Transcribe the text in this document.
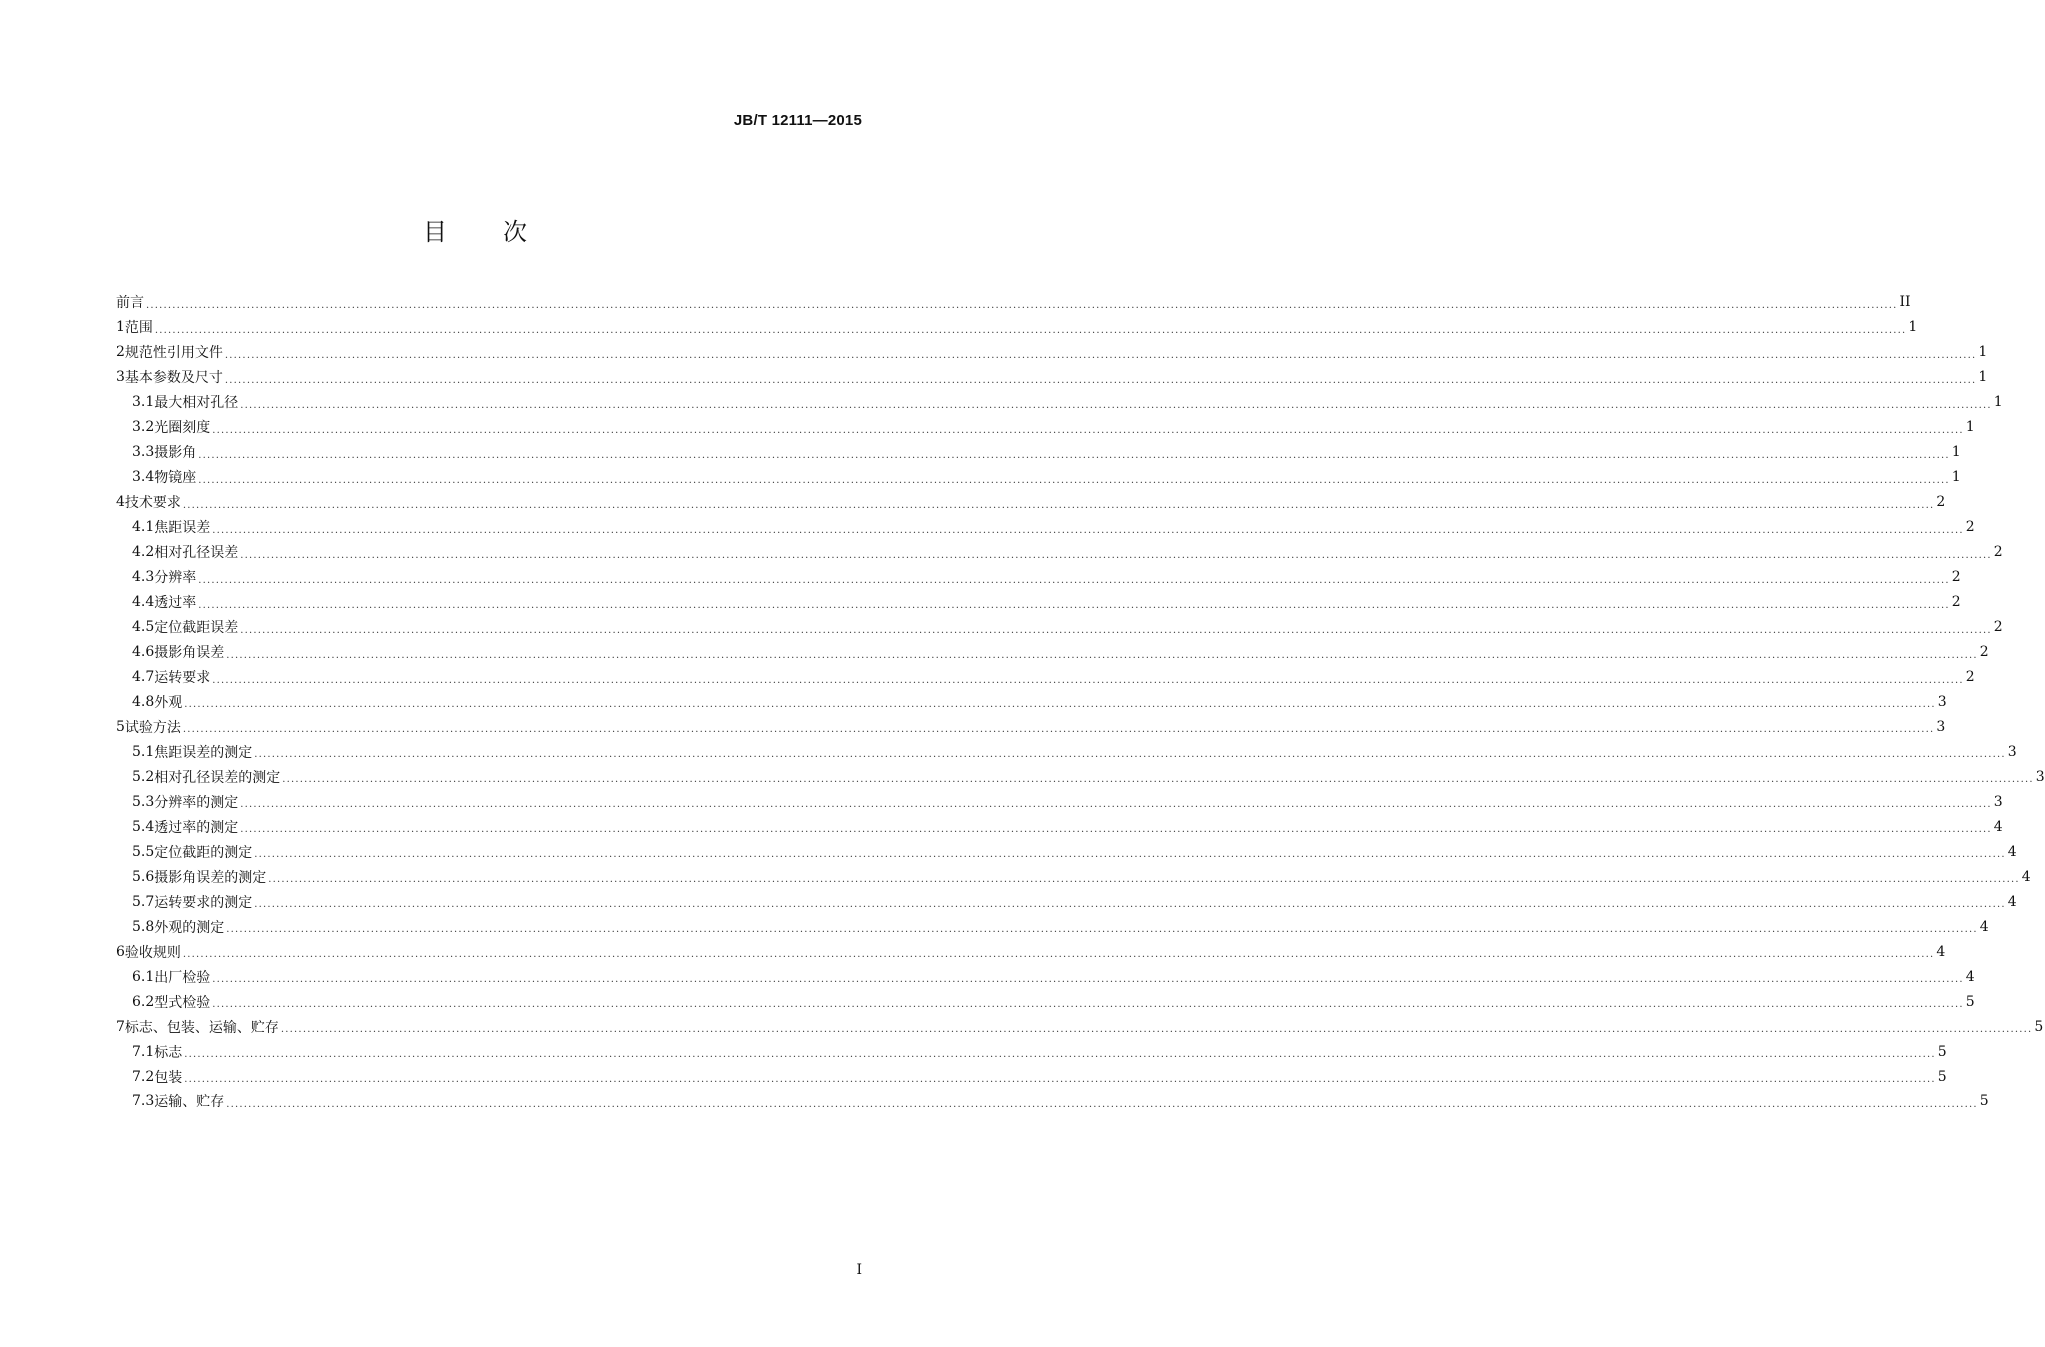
JB/T 12111—2015
目 次
前言 ................................................................................................................................................................................................................................................................................................................................................................................................................ II
1 范围 ................................................................................................................................................................................................................................................................................................................................................................................................................ 1
2 规范性引用文件 ................................................................................................................................................................................................................................................................................................................................................................................................................ 1
3 基本参数及尺寸 ................................................................................................................................................................................................................................................................................................................................................................................................................ 1
3.1 最大相对孔径 ................................................................................................................................................................................................................................................................................................................................................................................................................ 1
3.2 光圈刻度 ................................................................................................................................................................................................................................................................................................................................................................................................................ 1
3.3 摄影角 ................................................................................................................................................................................................................................................................................................................................................................................................................ 1
3.4 物镜座 ................................................................................................................................................................................................................................................................................................................................................................................................................ 1
4 技术要求 ................................................................................................................................................................................................................................................................................................................................................................................................................ 2
4.1 焦距误差 ................................................................................................................................................................................................................................................................................................................................................................................................................ 2
4.2 相对孔径误差 ................................................................................................................................................................................................................................................................................................................................................................................................................ 2
4.3 分辨率 ................................................................................................................................................................................................................................................................................................................................................................................................................ 2
4.4 透过率 ................................................................................................................................................................................................................................................................................................................................................................................................................ 2
4.5 定位截距误差 ................................................................................................................................................................................................................................................................................................................................................................................................................ 2
4.6 摄影角误差 ................................................................................................................................................................................................................................................................................................................................................................................................................ 2
4.7 运转要求 ................................................................................................................................................................................................................................................................................................................................................................................................................ 2
4.8 外观 ................................................................................................................................................................................................................................................................................................................................................................................................................ 3
5 试验方法 ................................................................................................................................................................................................................................................................................................................................................................................................................ 3
5.1 焦距误差的测定 ................................................................................................................................................................................................................................................................................................................................................................................................................ 3
5.2 相对孔径误差的测定 ................................................................................................................................................................................................................................................................................................................................................................................................................ 3
5.3 分辨率的测定 ................................................................................................................................................................................................................................................................................................................................................................................................................ 3
5.4 透过率的测定 ................................................................................................................................................................................................................................................................................................................................................................................................................ 4
5.5 定位截距的测定 ................................................................................................................................................................................................................................................................................................................................................................................................................ 4
5.6 摄影角误差的测定 ................................................................................................................................................................................................................................................................................................................................................................................................................ 4
5.7 运转要求的测定 ................................................................................................................................................................................................................................................................................................................................................................................................................ 4
5.8 外观的测定 ................................................................................................................................................................................................................................................................................................................................................................................................................ 4
6 验收规则 ................................................................................................................................................................................................................................................................................................................................................................................................................ 4
6.1 出厂检验 ................................................................................................................................................................................................................................................................................................................................................................................................................ 4
6.2 型式检验 ................................................................................................................................................................................................................................................................................................................................................................................................................ 5
7 标志、包装、运输、贮存 ................................................................................................................................................................................................................................................................................................................................................................................................................ 5
7.1 标志 ................................................................................................................................................................................................................................................................................................................................................................................................................ 5
7.2 包装 ................................................................................................................................................................................................................................................................................................................................................................................................................ 5
7.3 运输、贮存 ................................................................................................................................................................................................................................................................................................................................................................................................................ 5
I
